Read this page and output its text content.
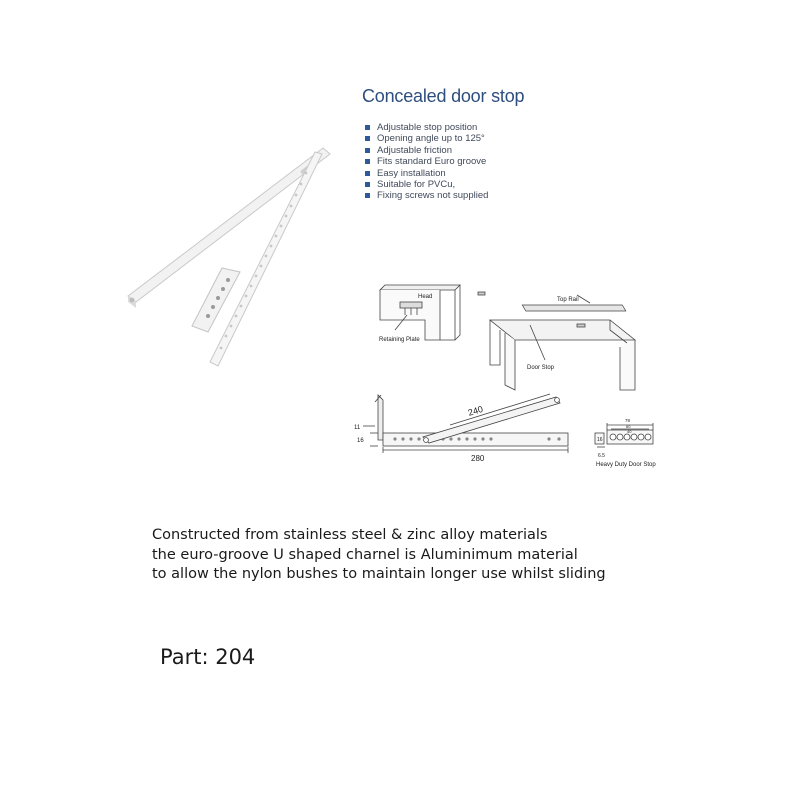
Concealed door stop
Adjustable stop position
Opening angle up to 125°
Adjustable friction
Fits standard Euro groove
Easy installation
Suitable for PVCu,
Fixing screws not supplied
Head
Retaining Plate
Top Rail
Door Stop
240
280
11
16	16
6.5
78
60
40
Heavy Duty Door Stop
Constructed from stainless steel & zinc alloy materials
the euro-groove U shaped charnel is Aluminimum material
to allow the nylon bushes to maintain longer use whilst sliding
Part: 204
